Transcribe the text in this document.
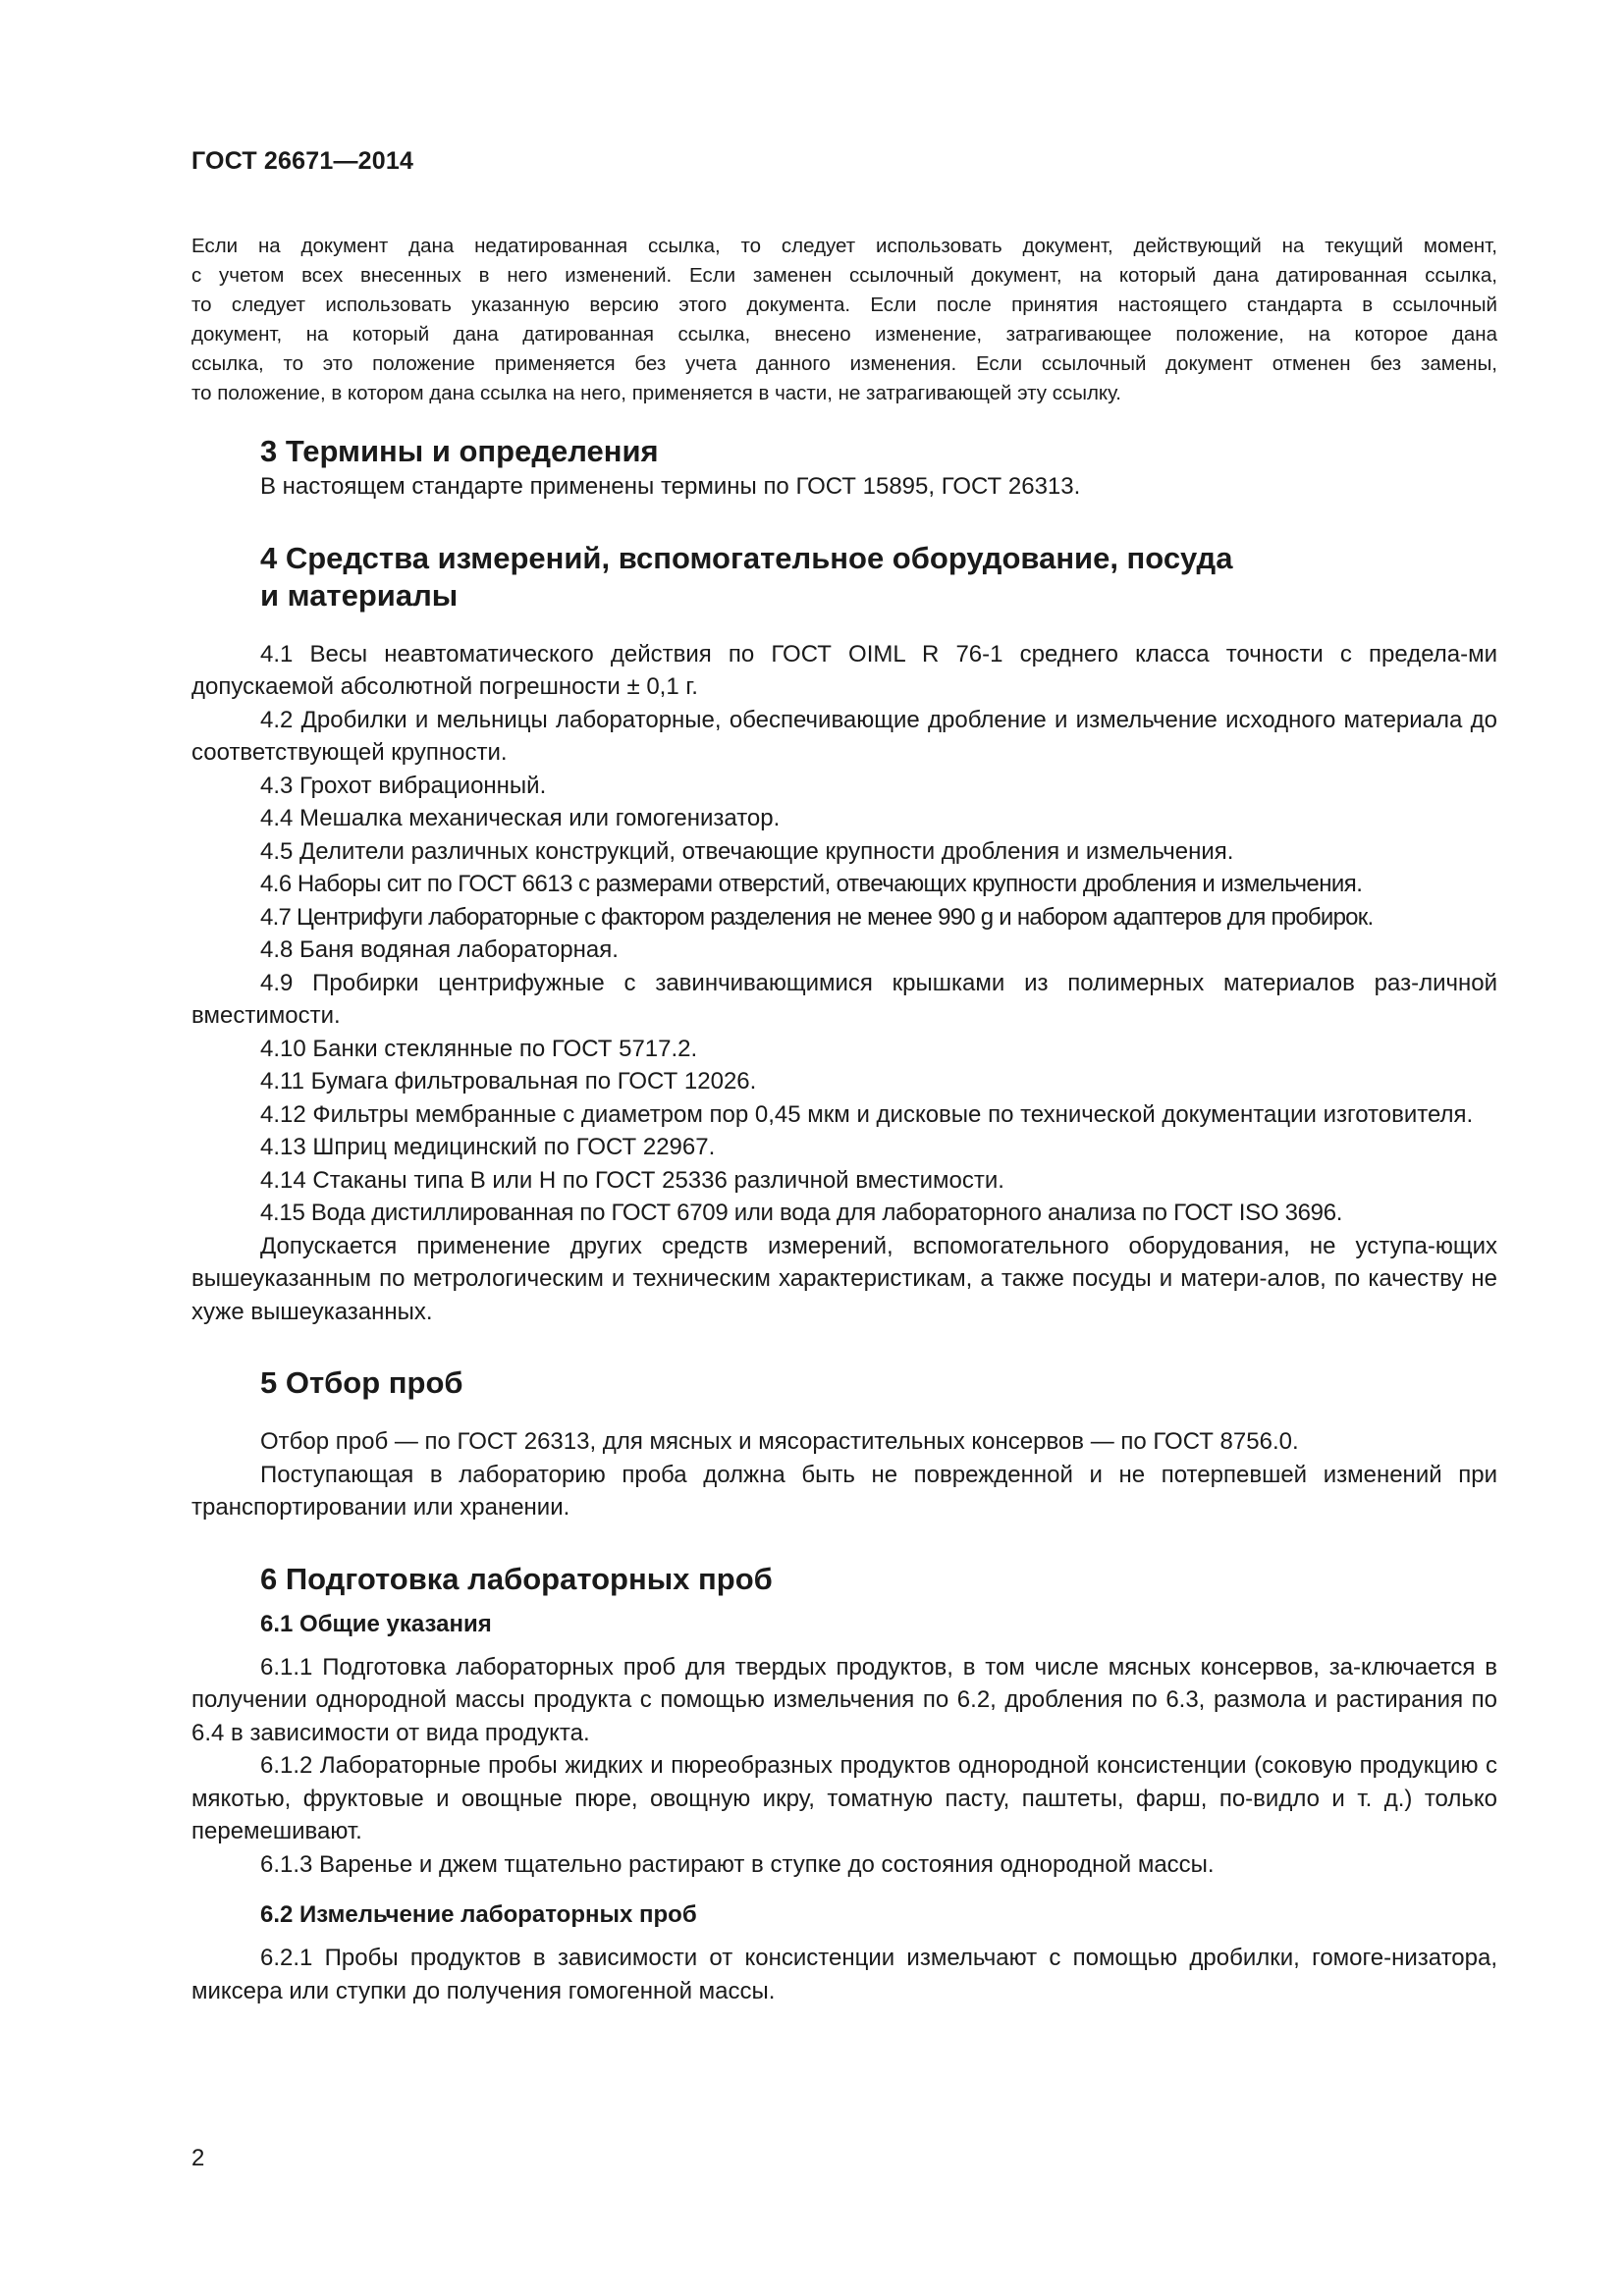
ГОСТ 26671—2014

Если на документ дана недатированная ссылка, то следует использовать документ, действующий на текущий момент,

с учетом всех внесенных в него изменений. Если заменен ссылочный документ, на который дана датированная ссылка,

то следует использовать указанную версию этого документа. Если после принятия настоящего стандарта в ссылочный

документ, на который дана датированная ссылка, внесено изменение, затрагивающее положение, на которое дана

ссылка, то это положение применяется без учета данного изменения. Если ссылочный документ отменен без замены,

то положение, в котором дана ссылка на него, применяется в части, не затрагивающей эту ссылку.

3 Термины и определения

В настоящем стандарте применены термины по ГОСТ 15895, ГОСТ 26313.

4 Средства измерений, вспомогательное оборудование, посуда
и материалы

4.1 Весы неавтоматического действия по ГОСТ OIML R 76-1 среднего класса точности с предела-ми допускаемой абсолютной погрешности ± 0,1 г.

4.2 Дробилки и мельницы лабораторные, обеспечивающие дробление и измельчение исходного материала до соответствующей крупности.

4.3 Грохот вибрационный.

4.4 Мешалка механическая или гомогенизатор.

4.5 Делители различных конструкций, отвечающие крупности дробления и измельчения.

4.6 Наборы сит по ГОСТ 6613 с размерами отверстий, отвечающих крупности дробления и измельчения.

4.7 Центрифуги лабораторные с фактором разделения не менее 990 g и набором адаптеров для пробирок.

4.8 Баня водяная лабораторная.

4.9 Пробирки центрифужные с завинчивающимися крышками из полимерных материалов раз-личной вместимости.

4.10 Банки стеклянные по ГОСТ 5717.2.

4.11 Бумага фильтровальная по ГОСТ 12026.

4.12 Фильтры мембранные с диаметром пор 0,45 мкм и дисковые по технической документации изготовителя.

4.13 Шприц медицинский по ГОСТ 22967.

4.14 Стаканы типа В или Н по ГОСТ 25336 различной вместимости.

4.15 Вода дистиллированная по ГОСТ 6709 или вода для лабораторного анализа по ГОСТ ISO 3696.

Допускается применение других средств измерений, вспомогательного оборудования, не уступа-ющих вышеуказанным по метрологическим и техническим характеристикам, а также посуды и матери-алов, по качеству не хуже вышеуказанных.

5 Отбор проб

Отбор проб — по ГОСТ 26313, для мясных и мясорастительных консервов — по ГОСТ 8756.0.

Поступающая в лабораторию проба должна быть не поврежденной и не потерпевшей изменений при транспортировании или хранении.

6 Подготовка лабораторных проб
6.1 Общие указания

6.1.1 Подготовка лабораторных проб для твердых продуктов, в том числе мясных консервов, за-ключается в получении однородной массы продукта с помощью измельчения по 6.2, дробления по 6.3, размола и растирания по 6.4 в зависимости от вида продукта.

6.1.2 Лабораторные пробы жидких и пюреобразных продуктов однородной консистенции (соковую продукцию с мякотью, фруктовые и овощные пюре, овощную икру, томатную пасту, паштеты, фарш, по-видло и т. д.) только перемешивают.

6.1.3 Варенье и джем тщательно растирают в ступке до состояния однородной массы.

6.2 Измельчение лабораторных проб

6.2.1 Пробы продуктов в зависимости от консистенции измельчают с помощью дробилки, гомоге-низатора, миксера или ступки до получения гомогенной массы.

2
